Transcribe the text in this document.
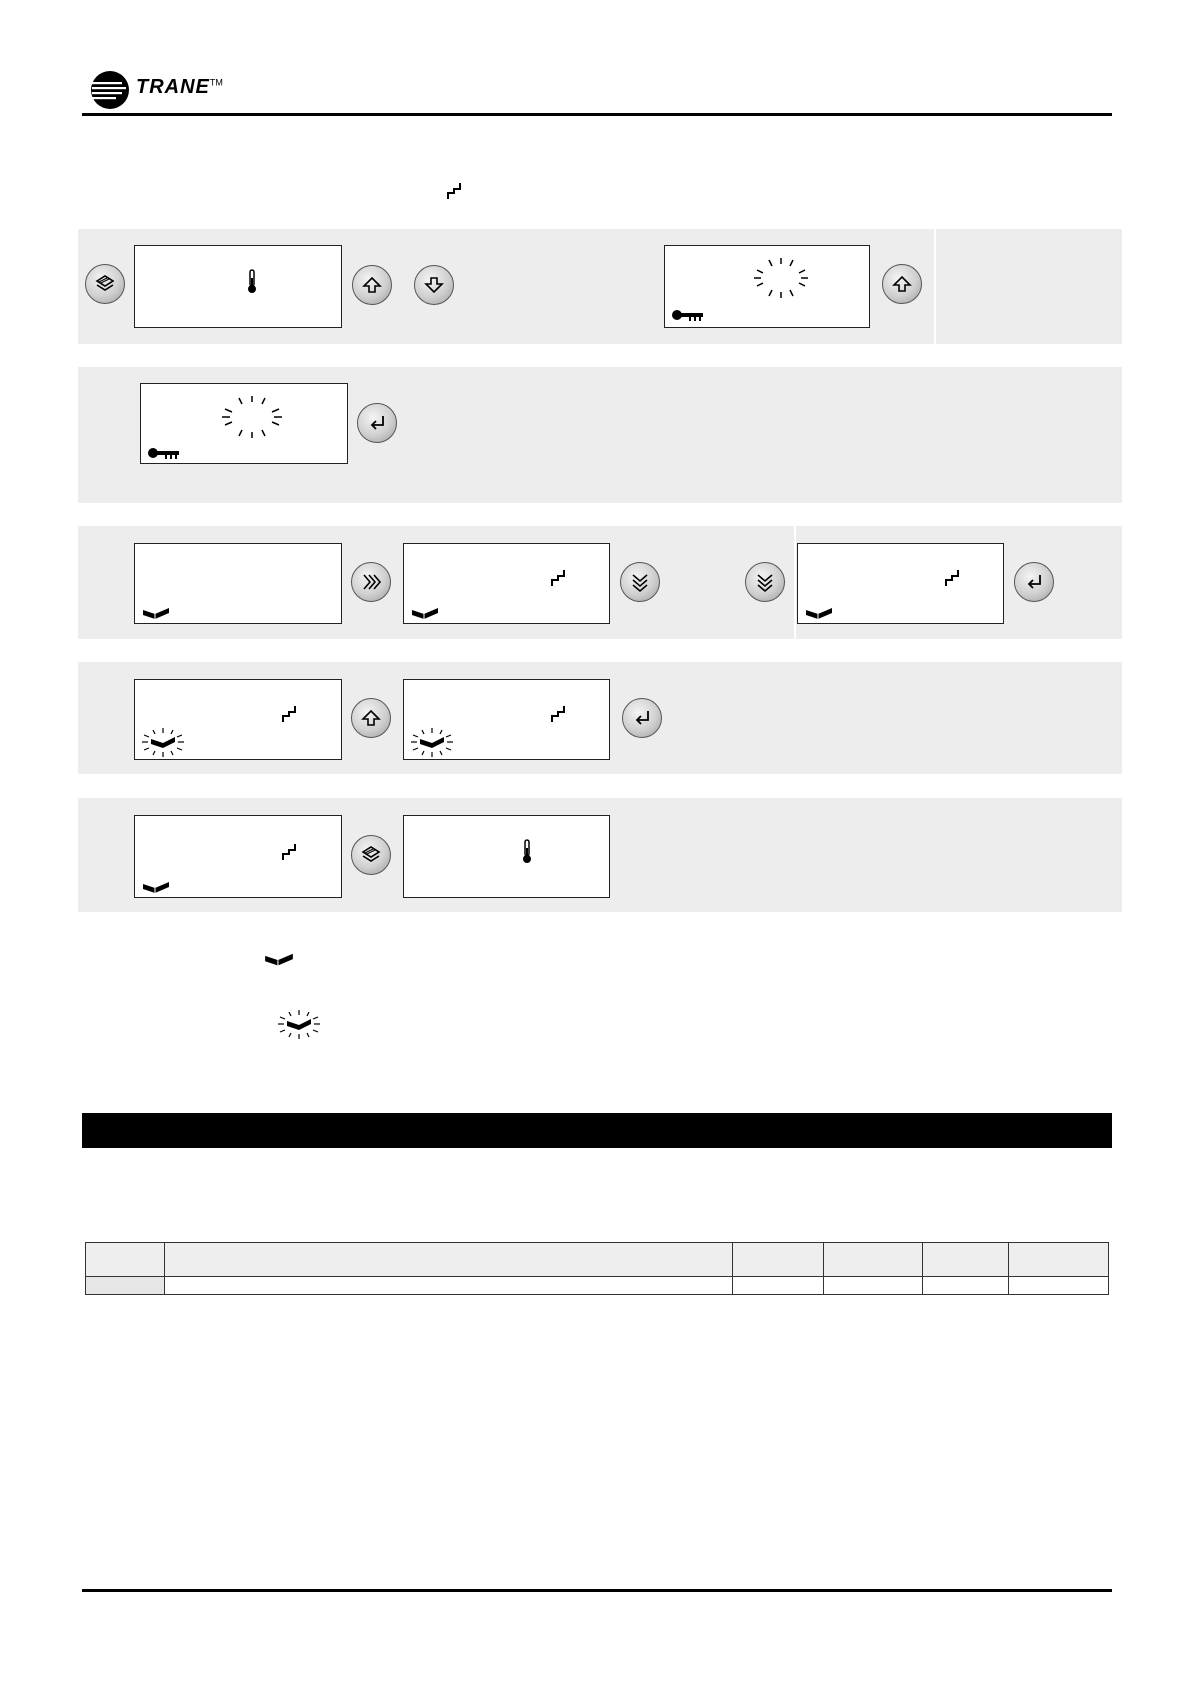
TRANE™
